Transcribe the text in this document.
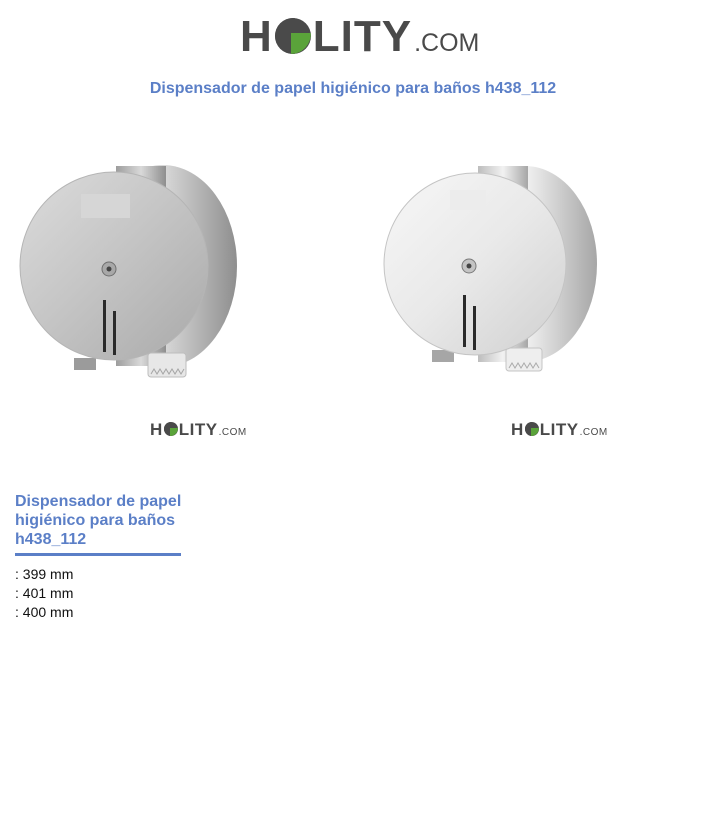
H LITY .COM
Dispensador de papel higiénico para baños h438_112
H LITY .COM	H LITY .COM
Dispensador de papel higiénico para baños h438_112
: 399 mm
: 401 mm
: 400 mm
